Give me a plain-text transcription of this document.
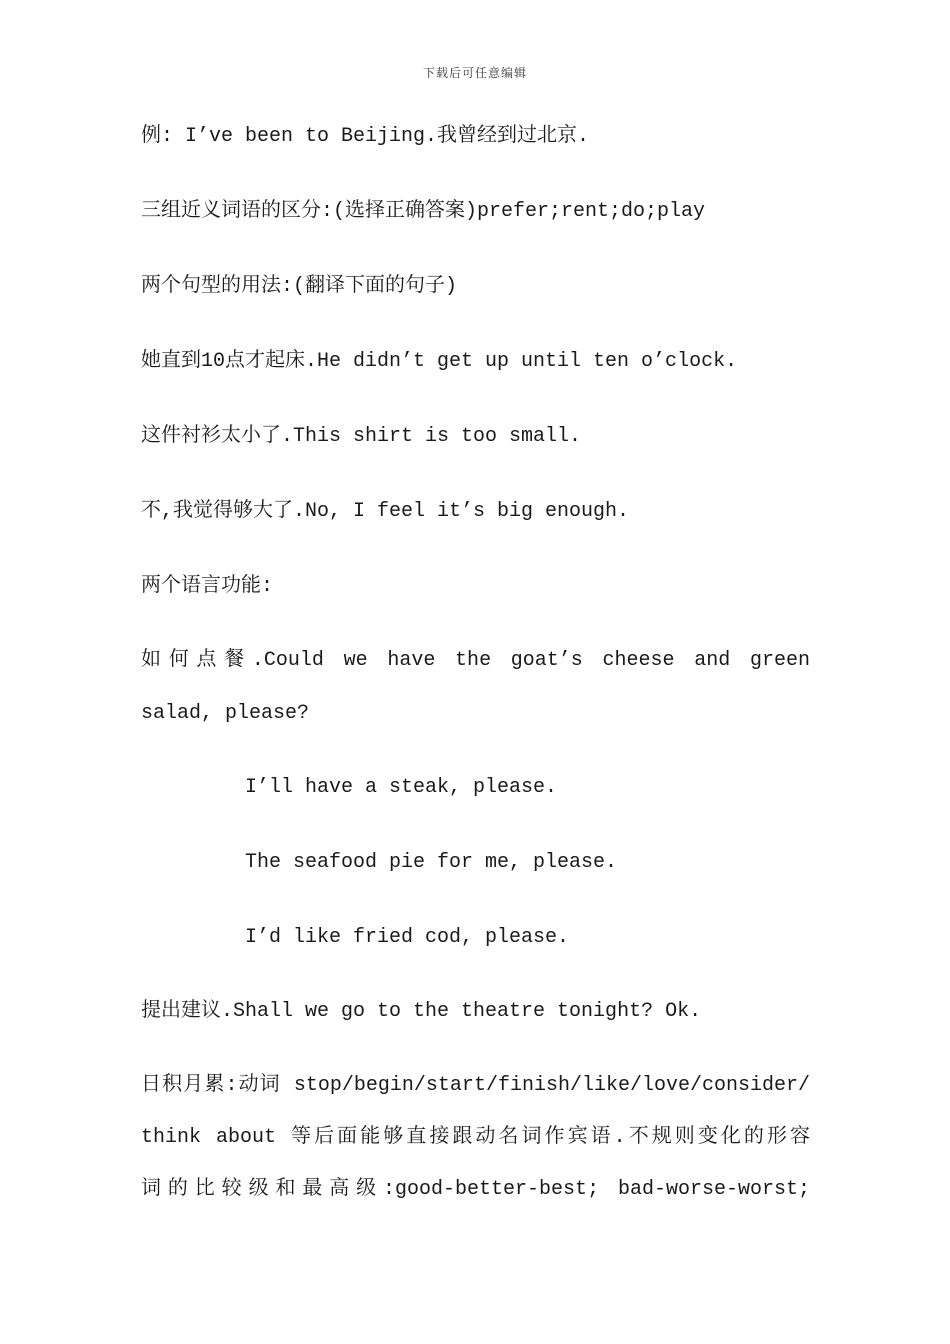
下载后可任意编辑
例: I’ve been to Beijing.我曾经到过北京.
三组近义词语的区分:(选择正确答案)prefer;rent;do;play
两个句型的用法:(翻译下面的句子)
她直到10点才起床.He didn’t get up until ten o’clock.
这件衬衫太小了.This shirt is too small.
不,我觉得够大了.No, I feel it’s big enough.
两个语言功能:
如何点餐.Could we have the goat’s cheese and green
salad, please?
I’ll have a steak, please.
The seafood pie for me, please.
I’d like fried cod, please.
提出建议.Shall we go to the theatre tonight? Ok.
日积月累:动词 stop/begin/start/finish/like/love/consider/
think about 等后面能够直接跟动名词作宾语.不规则变化的形容
词的比较级和最高级:good-better-best; bad-worse-worst;
